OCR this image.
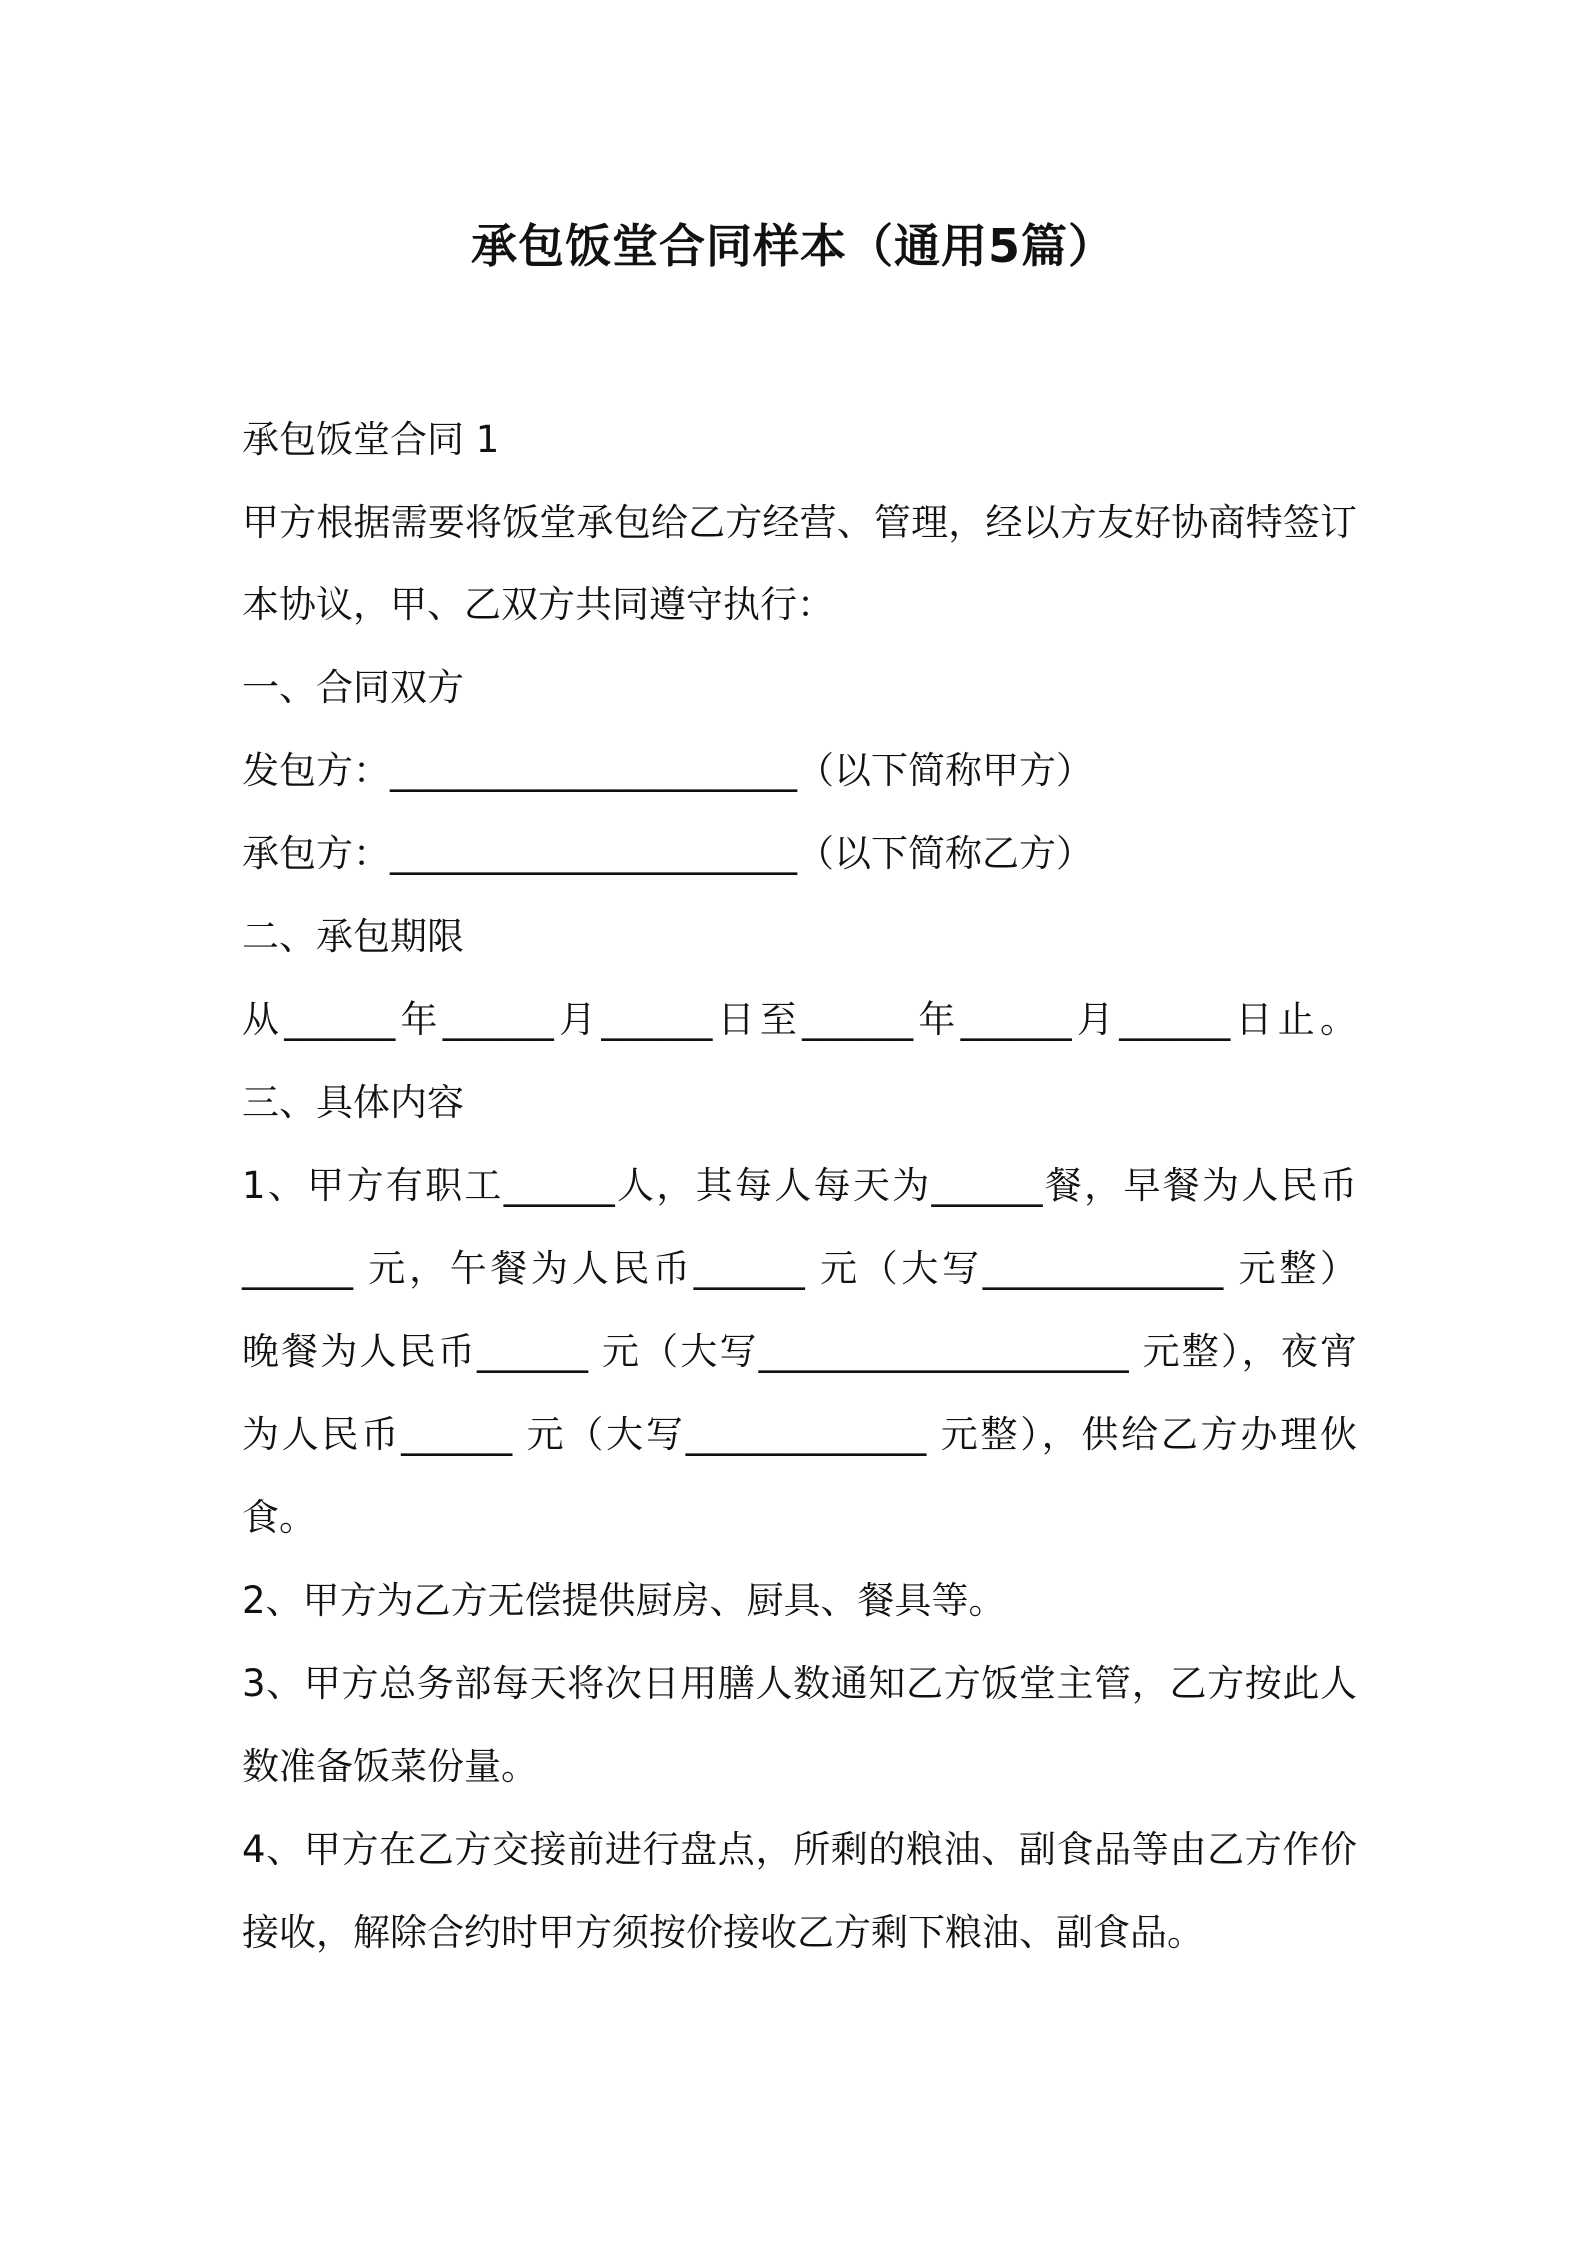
承包饭堂合同样本（通用5篇）
承包饭堂合同 1
甲方根据需要将饭堂承包给乙方经营、管理，经以方友好协商特签订
本协议，甲、乙双方共同遵守执行：
一、合同双方
发包方：______________________（以下简称甲方）
承包方：______________________（以下简称乙方）
二、承包期限
从______年______月______日至______年______月______日止。
三、具体内容
1、甲方有职工______人，其每人每天为______餐，早餐为人民币
______ 元，午餐为人民币______ 元（大写_____________ 元整）
晚餐为人民币______ 元（大写____________________ 元整），夜宵
为人民币______ 元（大写_____________ 元整），供给乙方办理伙
食。
2、甲方为乙方无偿提供厨房、厨具、餐具等。
3、甲方总务部每天将次日用膳人数通知乙方饭堂主管，乙方按此人
数准备饭菜份量。
4、甲方在乙方交接前进行盘点，所剩的粮油、副食品等由乙方作价
接收，解除合约时甲方须按价接收乙方剩下粮油、副食品。
